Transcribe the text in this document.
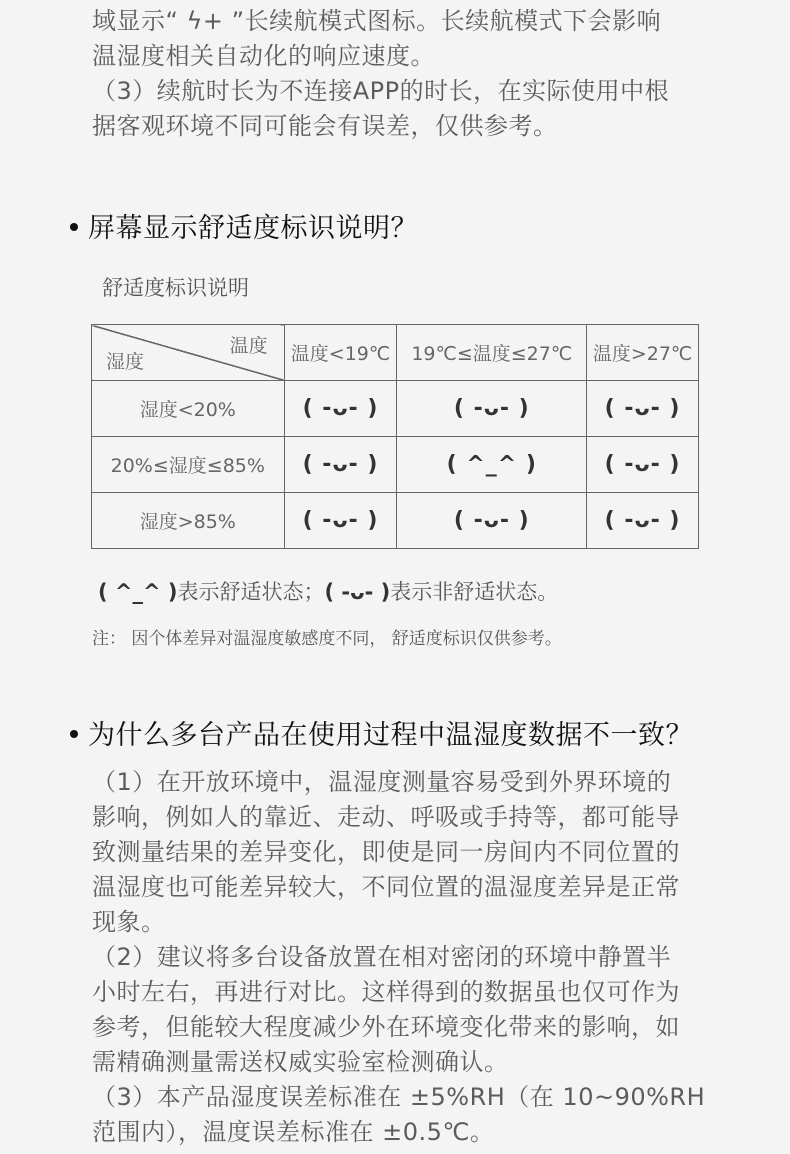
域显示“ ϟ+ ”长续航模式图标。长续航模式下会影响
温湿度相关自动化的响应速度。
（3）续航时长为不连接APP的时长，在实际使用中根
据客观环境不同可能会有误差，仅供参考。
屏幕显示舒适度标识说明？
舒适度标识说明
温度
湿度	温度<19℃	19℃≤温度≤27℃	温度>27℃
湿度<20%	( -ᴗ- )	( -ᴗ- )	( -ᴗ- )
20%≤湿度≤85%	( -ᴗ- )	( ^_^ )	( -ᴗ- )
湿度>85%	( -ᴗ- )	( -ᴗ- )	( -ᴗ- )
( ^_^ )表示舒适状态；( -ᴗ- )表示非舒适状态。
注： 因个体差异对温湿度敏感度不同， 舒适度标识仅供参考。
为什么多台产品在使用过程中温湿度数据不一致？
（1）在开放环境中，温湿度测量容易受到外界环境的
影响，例如人的靠近、走动、呼吸或手持等，都可能导
致测量结果的差异变化，即使是同一房间内不同位置的
温湿度也可能差异较大，不同位置的温湿度差异是正常
现象。
（2）建议将多台设备放置在相对密闭的环境中静置半
小时左右，再进行对比。这样得到的数据虽也仅可作为
参考，但能较大程度减少外在环境变化带来的影响，如
需精确测量需送权威实验室检测确认。
（3）本产品湿度误差标准在 ±5%RH（在 10~90%RH
范围内），温度误差标准在 ±0.5℃。
